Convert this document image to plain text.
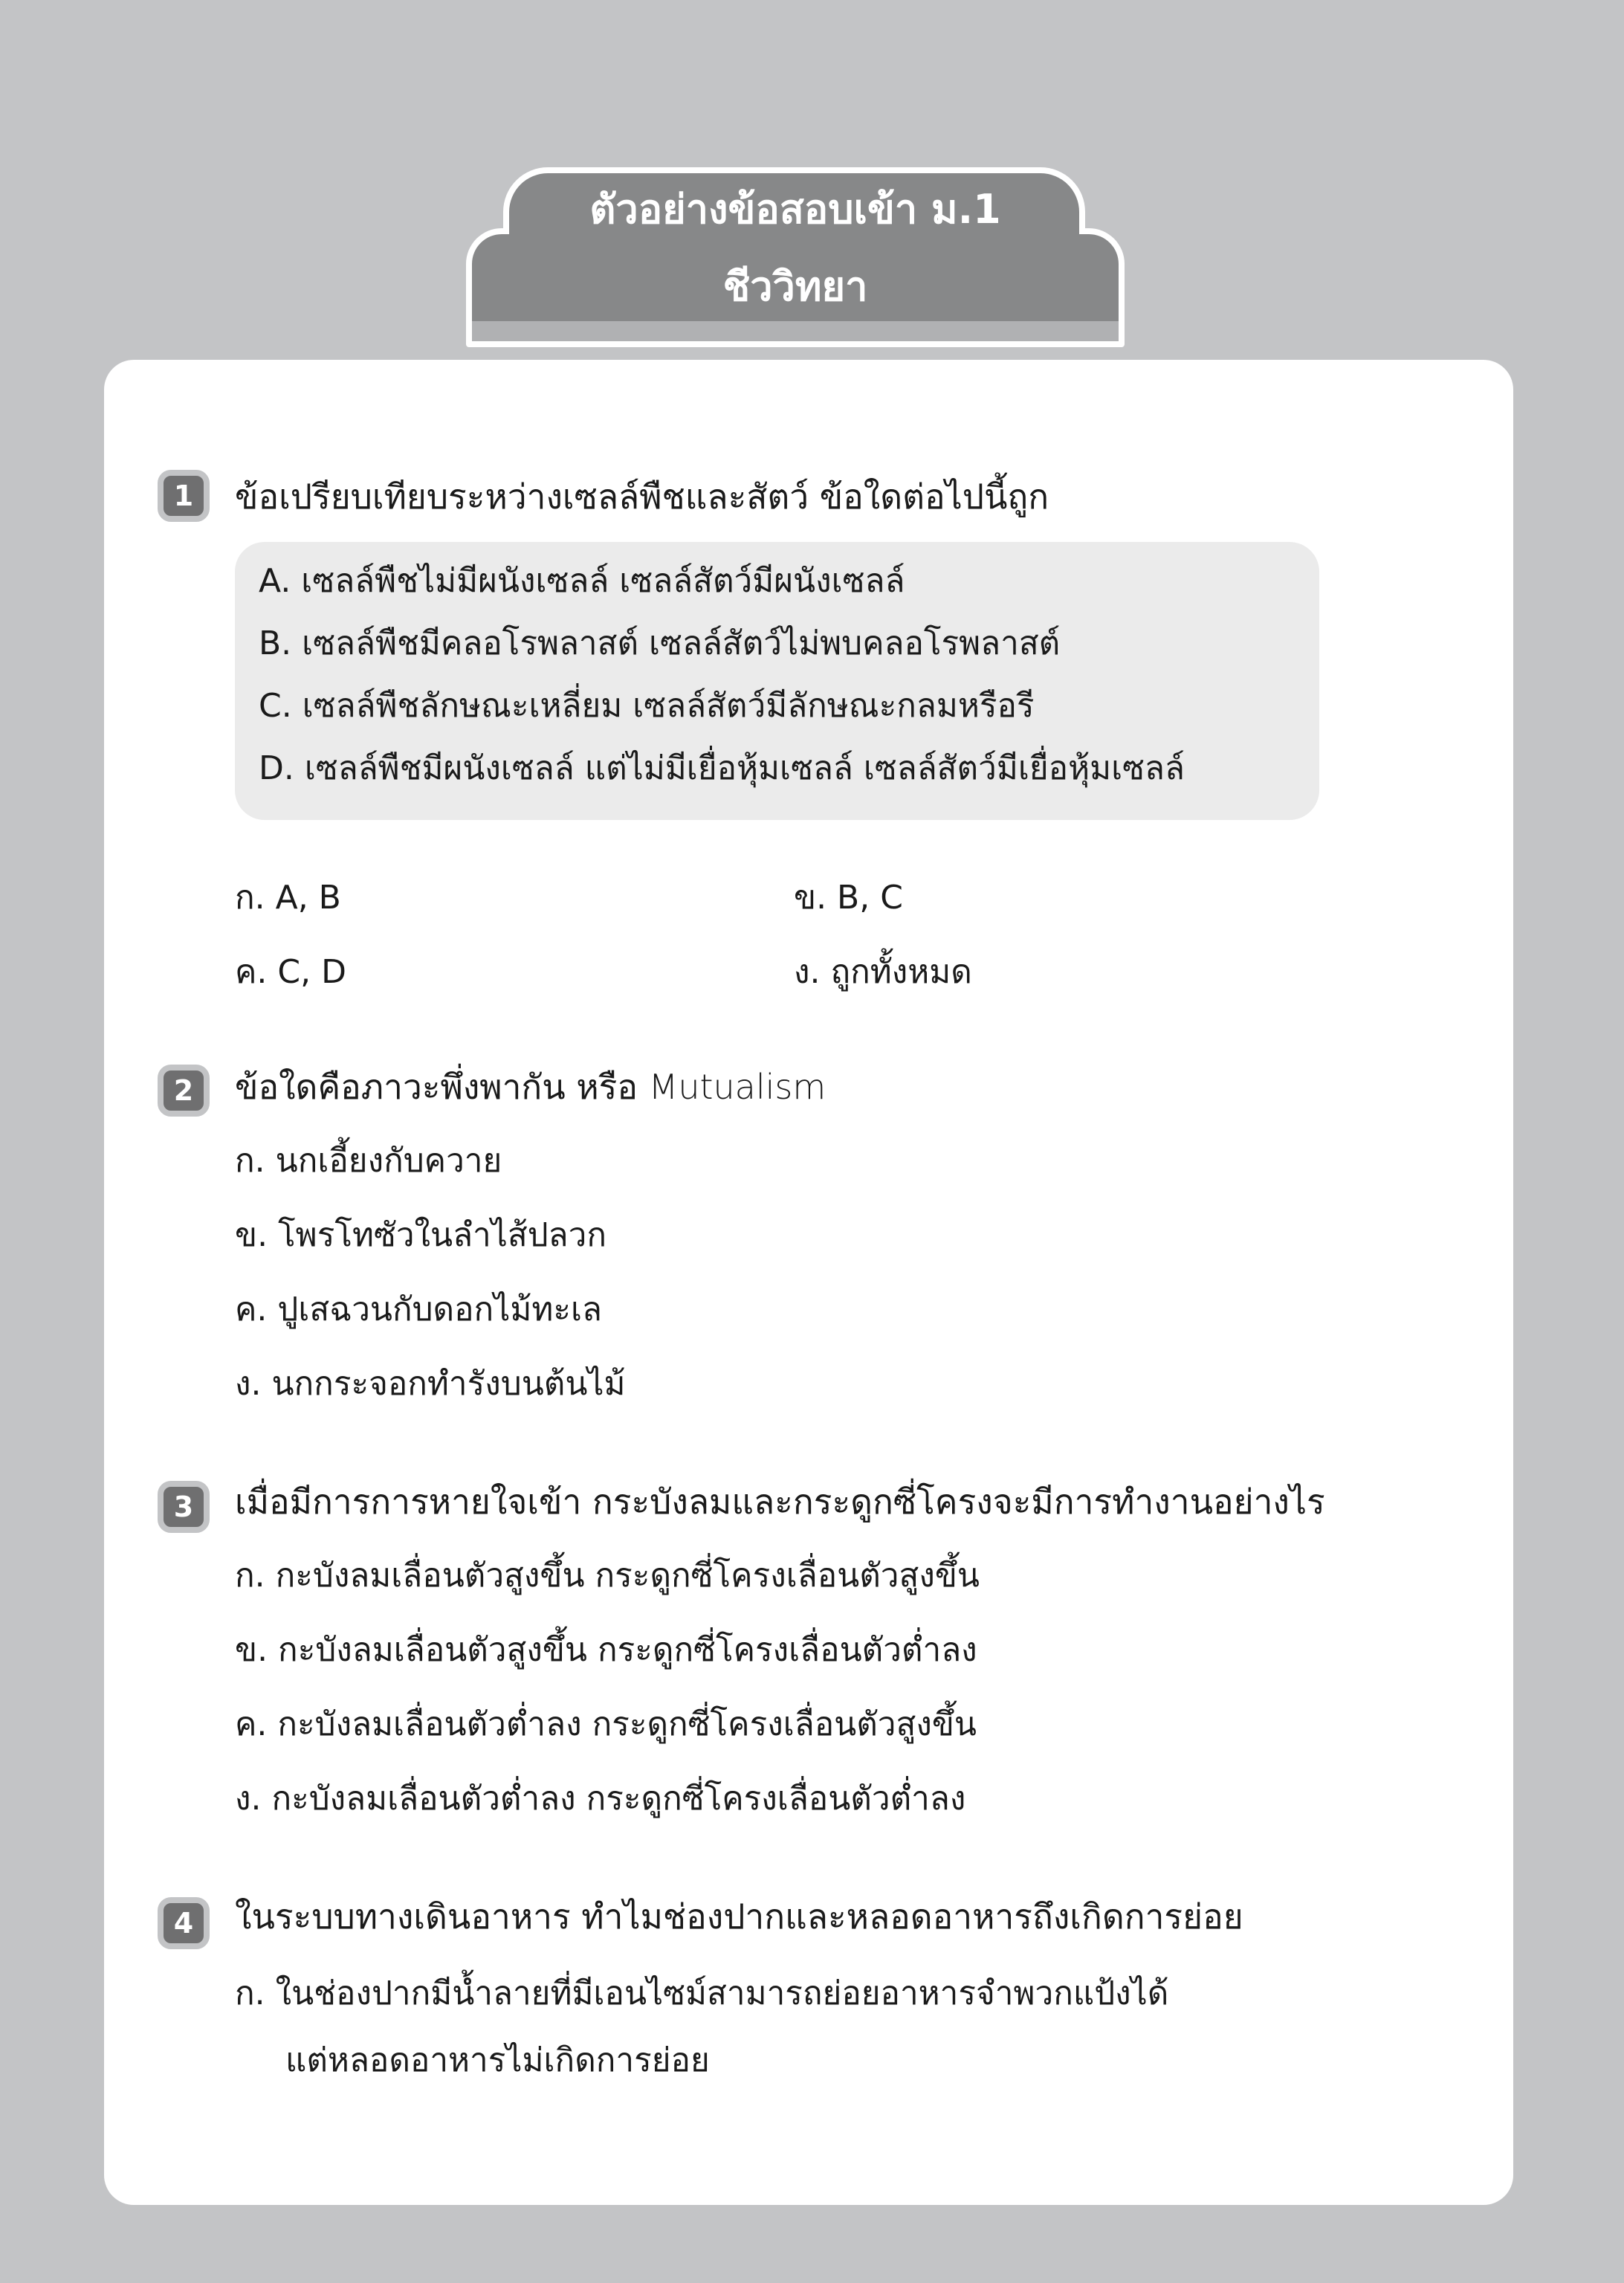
ตัวอย่างข้อสอบเข้า ม.1
ชีววิทยา
1	ข้อเปรียบเทียบระหว่างเซลล์พืชและสัตว์ ข้อใดต่อไปนี้ถูก
A. เซลล์พืชไม่มีผนังเซลล์ เซลล์สัตว์มีผนังเซลล์
B. เซลล์พืชมีคลอโรพลาสต์ เซลล์สัตว์ไม่พบคลอโรพลาสต์
C. เซลล์พืชลักษณะเหลี่ยม เซลล์สัตว์มีลักษณะกลมหรือรี
D. เซลล์พืชมีผนังเซลล์ แต่ไม่มีเยื่อหุ้มเซลล์ เซลล์สัตว์มีเยื่อหุ้มเซลล์
ก. A, B	ข. B, C
ค. C, D	ง. ถูกทั้งหมด
2	ข้อใดคือภาวะพึ่งพากัน หรือ Mutualism
ก. นกเอี้ยงกับควาย
ข. โพรโทซัวในลำไส้ปลวก
ค. ปูเสฉวนกับดอกไม้ทะเล
ง. นกกระจอกทำรังบนต้นไม้
3	เมื่อมีการการหายใจเข้า กระบังลมและกระดูกซี่โครงจะมีการทำงานอย่างไร
ก. กะบังลมเลื่อนตัวสูงขึ้น กระดูกซี่โครงเลื่อนตัวสูงขึ้น
ข. กะบังลมเลื่อนตัวสูงขึ้น กระดูกซี่โครงเลื่อนตัวต่ำลง
ค. กะบังลมเลื่อนตัวต่ำลง กระดูกซี่โครงเลื่อนตัวสูงขึ้น
ง. กะบังลมเลื่อนตัวต่ำลง กระดูกซี่โครงเลื่อนตัวต่ำลง
4	ในระบบทางเดินอาหาร ทำไมช่องปากและหลอดอาหารถึงเกิดการย่อย
ก. ในช่องปากมีน้ำลายที่มีเอนไซม์สามารถย่อยอาหารจำพวกแป้งได้
แต่หลอดอาหารไม่เกิดการย่อย
